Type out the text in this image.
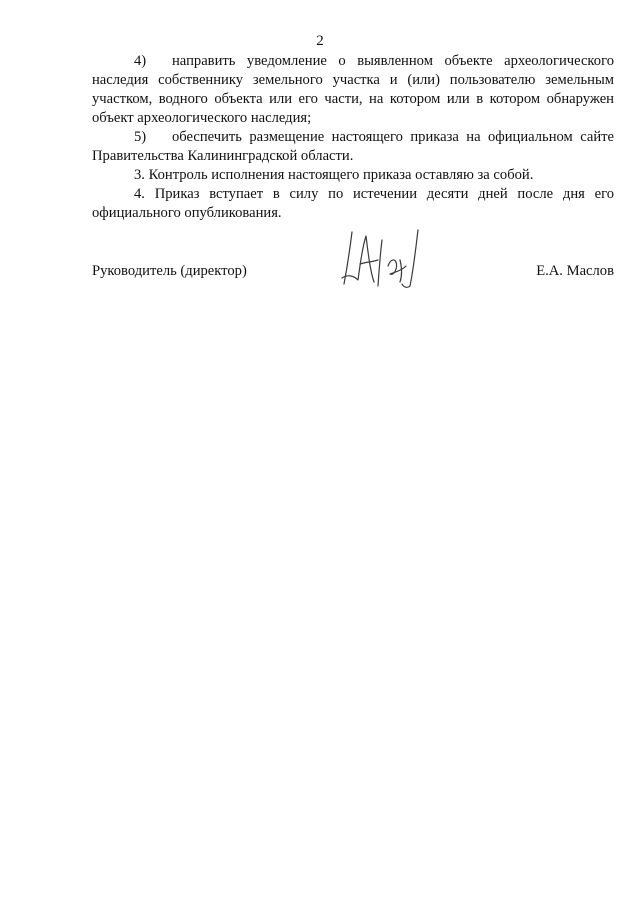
2

4) направить уведомление о выявленном объекте археологического наследия собственнику земельного участка и (или) пользователю земельным участком, водного объекта или его части, на котором или в котором обнаружен объект археологического наследия;

5) обеспечить размещение настоящего приказа на официальном сайте Правительства Калининградской области.

3. Контроль исполнения настоящего приказа оставляю за собой.

4. Приказ вступает в силу по истечении десяти дней после дня его официального опубликования.

Руководитель (директор)	Е.А. Маслов
